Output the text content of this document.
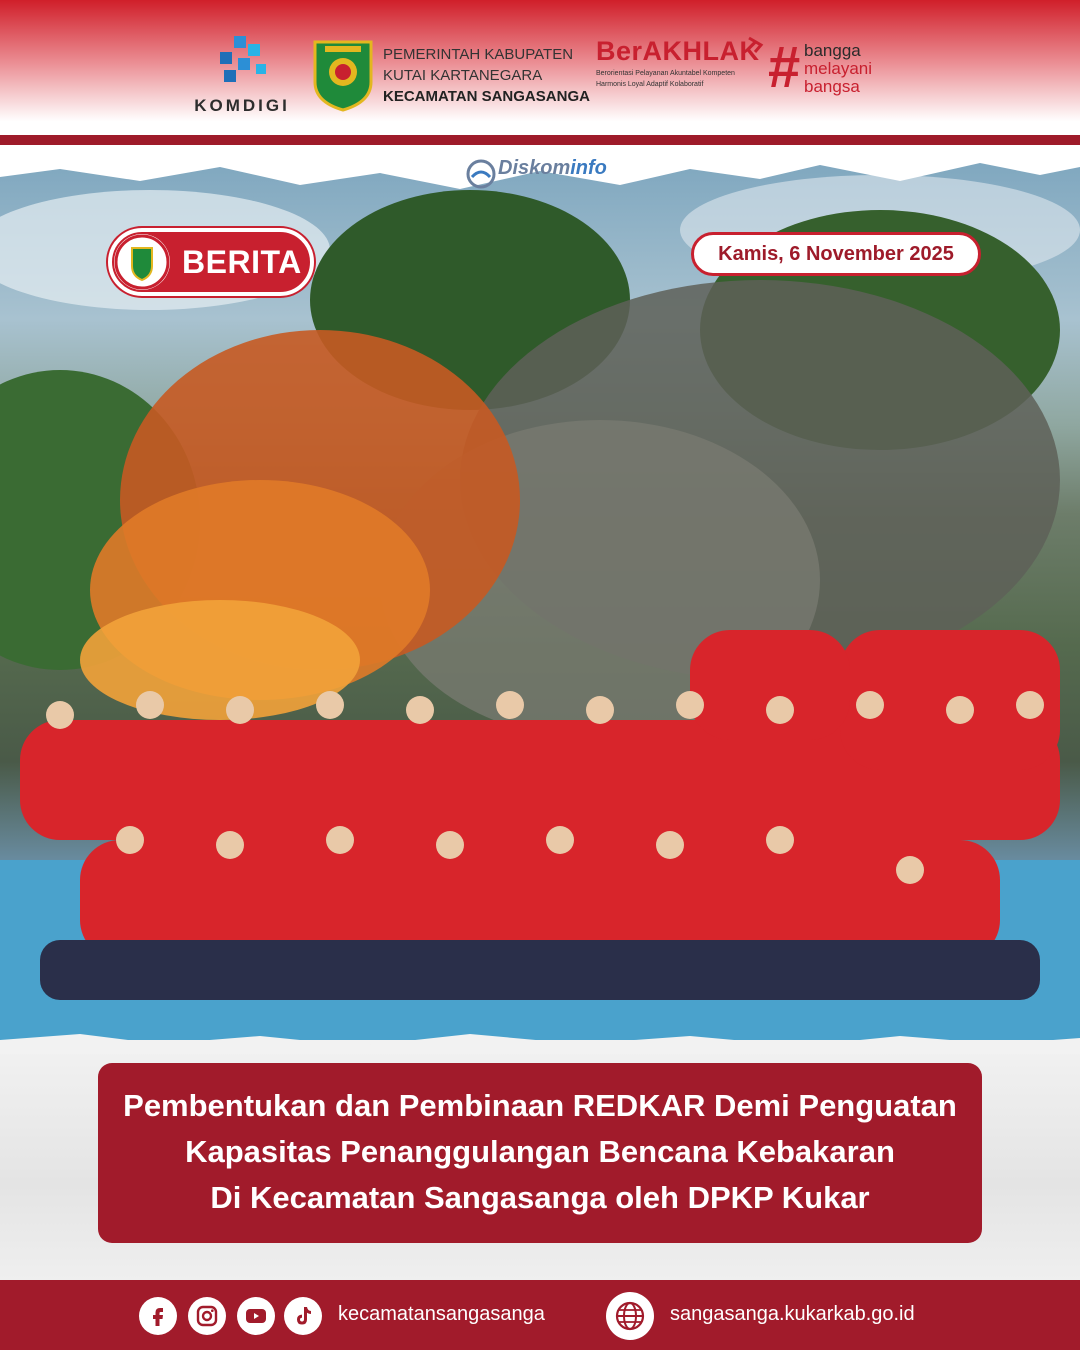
KOMDIGI
PEMERINTAH KABUPATEN
KUTAI KARTANEGARA
KECAMATAN SANGASANGA
BerAKHLAK
Berorientasi Pelayanan Akuntabel Kompeten
Harmonis Loyal Adaptif Kolaboratif	# bangga
melayani
bangsa
Diskominfo
BERITA	Kamis, 6 November 2025
Pembentukan dan Pembinaan REDKAR Demi Penguatan
Kapasitas Penanggulangan Bencana Kebakaran
Di Kecamatan Sangasanga oleh DPKP Kukar
kecamatansangasanga	sangasanga.kukarkab.go.id
